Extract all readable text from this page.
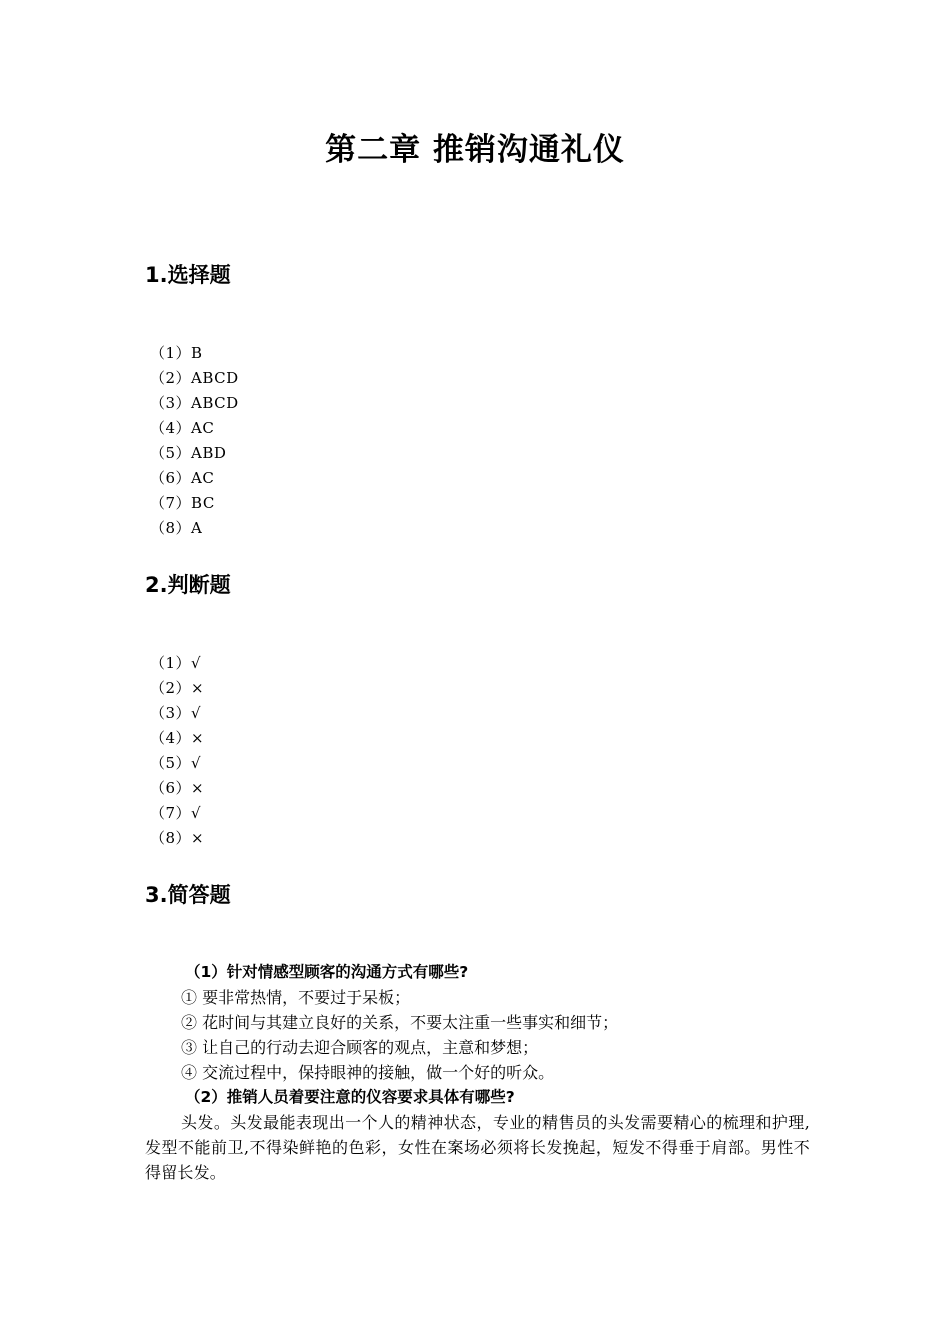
第二章 推销沟通礼仪
1.选择题
（1）B
（2）ABCD
（3）ABCD
（4）AC
（5）ABD
（6）AC
（7）BC
（8）A
2.判断题
（1）√
（2）×
（3）√
（4）×
（5）√
（6）×
（7）√
（8）×
3.简答题
（1）针对情感型顾客的沟通方式有哪些?
① 要非常热情，不要过于呆板；
② 花时间与其建立良好的关系，不要太注重一些事实和细节；
③ 让自己的行动去迎合顾客的观点，主意和梦想；
④ 交流过程中，保持眼神的接触，做一个好的听众。
（2）推销人员着要注意的仪容要求具体有哪些?
头发。头发最能表现出一个人的精神状态，专业的精售员的头发需要精心的梳理和护理,发型不能前卫,不得染鲜艳的色彩，女性在案场必须将长发挽起，短发不得垂于肩部。男性不得留长发。
